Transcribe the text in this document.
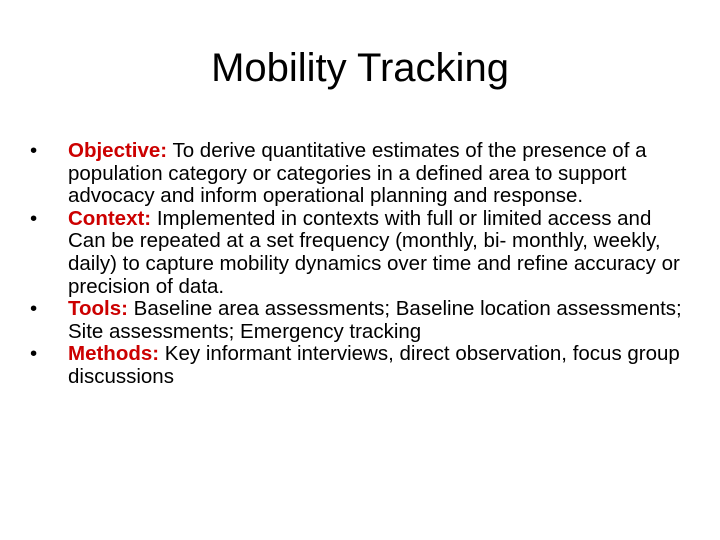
Mobility Tracking
•	Objective: To derive quantitative estimates of the presence of a population category or categories in a defined area to support advocacy and inform operational planning and response.
•	Context: Implemented in contexts with full or limited access and Can be repeated at a set frequency (monthly, bi- monthly, weekly, daily) to capture mobility dynamics over time and refine accuracy or precision of data.
•	Tools: Baseline area assessments; Baseline location assessments; Site assessments; Emergency tracking
•	Methods: Key informant interviews, direct observation, focus group discussions
